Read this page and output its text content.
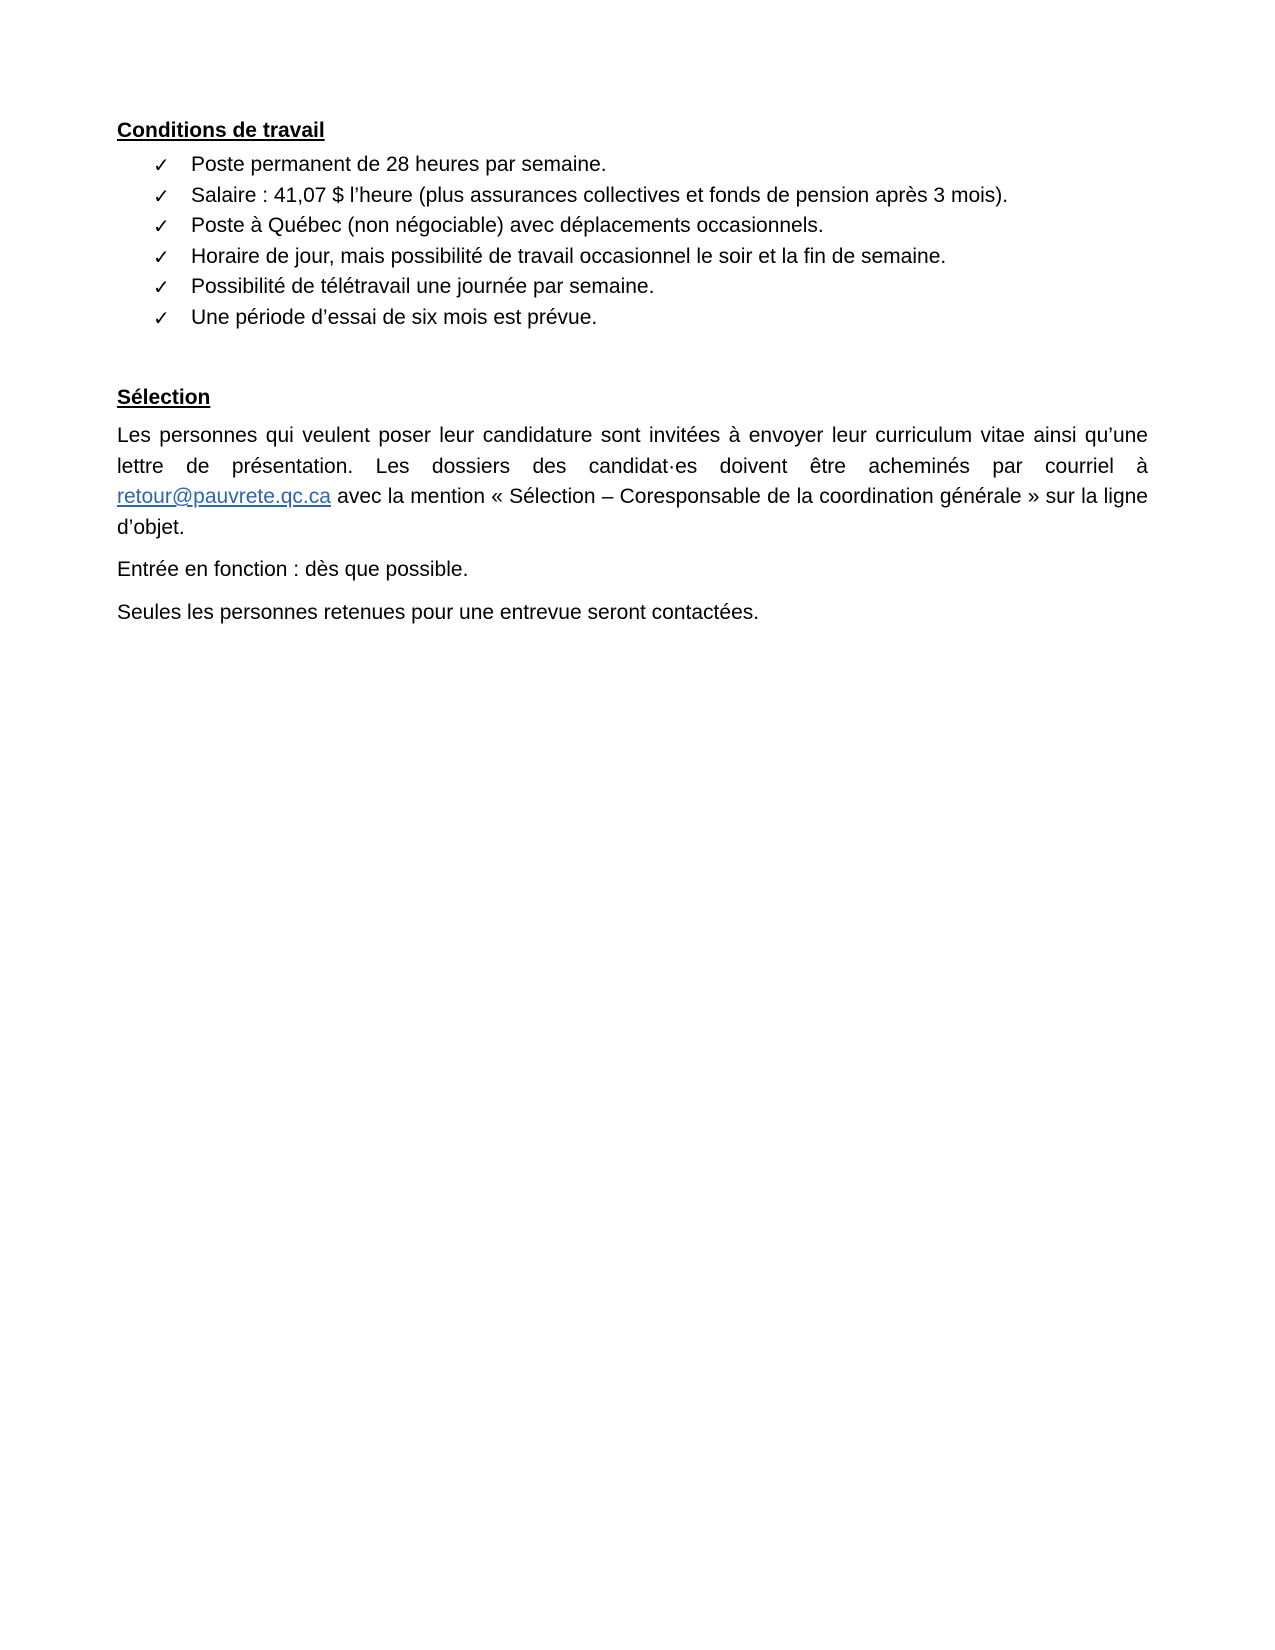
Conditions de travail
✓ Poste permanent de 28 heures par semaine.
✓ Salaire : 41,07 $ l’heure (plus assurances collectives et fonds de pension après 3 mois).
✓ Poste à Québec (non négociable) avec déplacements occasionnels.
✓ Horaire de jour, mais possibilité de travail occasionnel le soir et la fin de semaine.
✓ Possibilité de télétravail une journée par semaine.
✓ Une période d’essai de six mois est prévue.
Sélection

Les personnes qui veulent poser leur candidature sont invitées à envoyer leur curriculum vitae ainsi qu’une lettre de présentation. Les dossiers des candidat·es doivent être acheminés par courriel à retour@pauvrete.qc.ca avec la mention « Sélection – Coresponsable de la coordination générale » sur la ligne d’objet.

Entrée en fonction : dès que possible.

Seules les personnes retenues pour une entrevue seront contactées.
